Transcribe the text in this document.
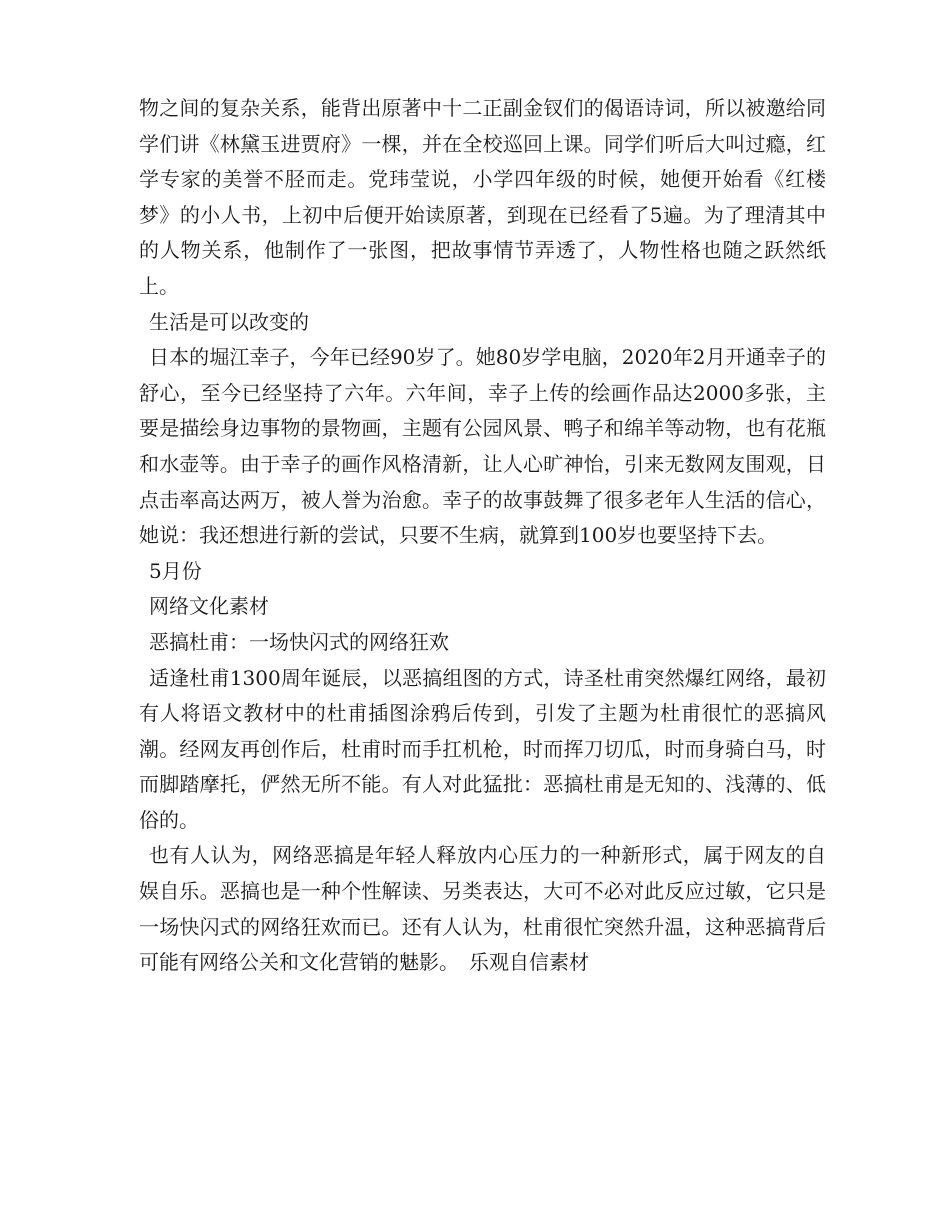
物之间的复杂关系，能背出原著中十二正副金钗们的偈语诗词，所以被邀给同学们讲《林黛玉进贾府》一棵，并在全校巡回上课。同学们听后大叫过瘾，红学专家的美誉不胫而走。党玮莹说，小学四年级的时候，她便开始看《红楼梦》的小人书，上初中后便开始读原著，到现在已经看了5遍。为了理清其中的人物关系，他制作了一张图，把故事情节弄透了，人物性格也随之跃然纸上。

生活是可以改变的

日本的堀江幸子，今年已经90岁了。她80岁学电脑，2020年2月开通幸子的舒心，至今已经坚持了六年。六年间，幸子上传的绘画作品达2000多张，主要是描绘身边事物的景物画，主题有公园风景、鸭子和绵羊等动物，也有花瓶和水壶等。由于幸子的画作风格清新，让人心旷神怡，引来无数网友围观，日点击率高达两万，被人誉为治愈。幸子的故事鼓舞了很多老年人生活的信心，她说：我还想进行新的尝试，只要不生病，就算到100岁也要坚持下去。

5月份

网络文化素材

恶搞杜甫：一场快闪式的网络狂欢

适逢杜甫1300周年诞辰，以恶搞组图的方式，诗圣杜甫突然爆红网络，最初有人将语文教材中的杜甫插图涂鸦后传到，引发了主题为杜甫很忙的恶搞风潮。经网友再创作后，杜甫时而手扛机枪，时而挥刀切瓜，时而身骑白马，时而脚踏摩托，俨然无所不能。有人对此猛批：恶搞杜甫是无知的、浅薄的、低俗的。

也有人认为，网络恶搞是年轻人释放内心压力的一种新形式，属于网友的自娱自乐。恶搞也是一种个性解读、另类表达，大可不必对此反应过敏，它只是一场快闪式的网络狂欢而已。还有人认为，杜甫很忙突然升温，这种恶搞背后可能有网络公关和文化营销的魅影。　乐观自信素材
